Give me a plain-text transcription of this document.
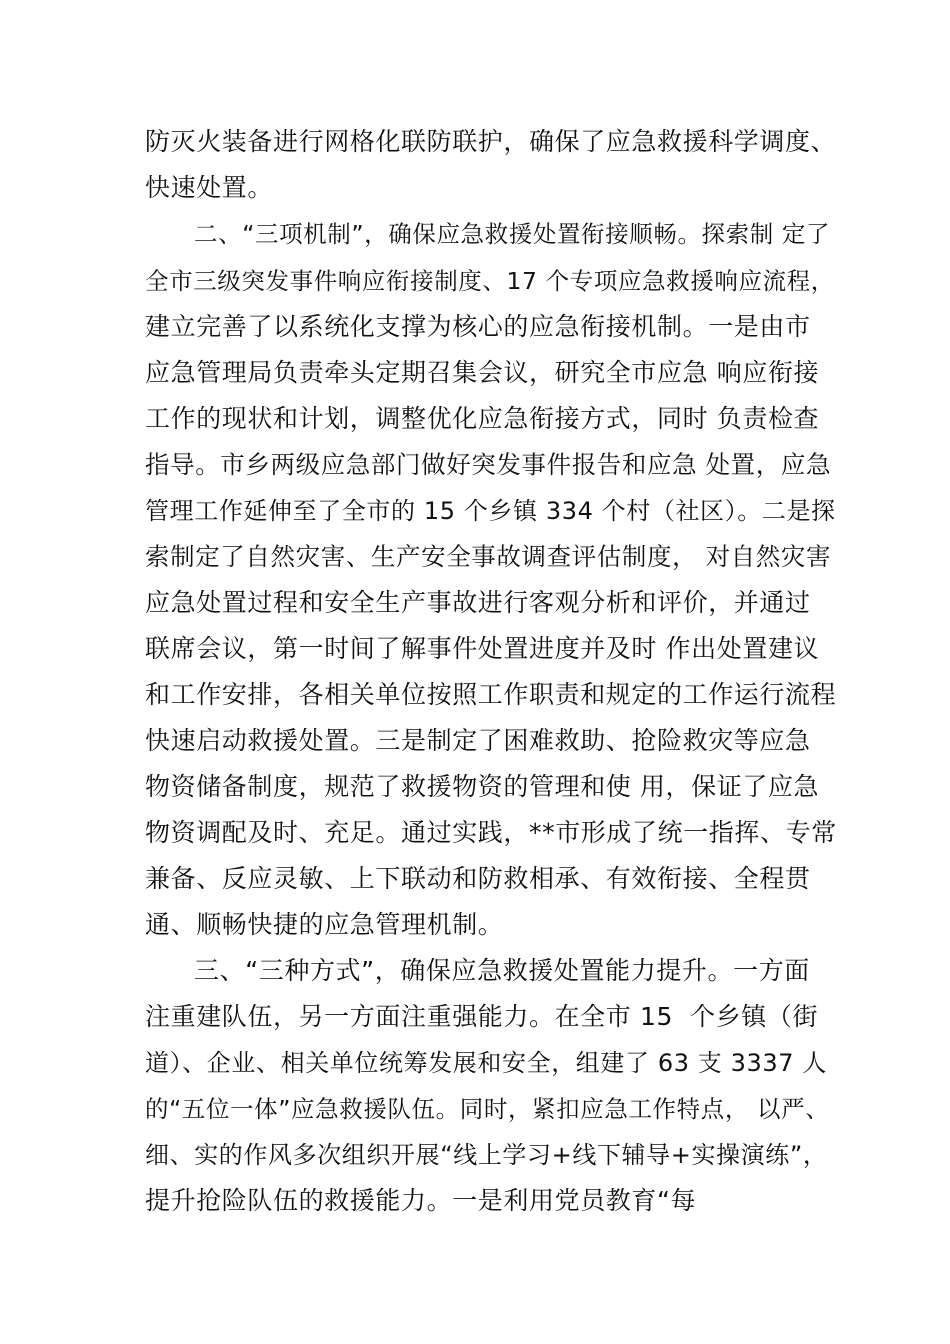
防灭火装备进行网格化联防联护，确保了应急救援科学调度、
快速处置。
二、“三项机制”，确保应急救援处置衔接顺畅。探索制 定了
全市三级突发事件响应衔接制度、17 个专项应急救援响应流程，
建立完善了以系统化支撑为核心的应急衔接机制。一是由市
应急管理局负责牵头定期召集会议，研究全市应急 响应衔接
工作的现状和计划，调整优化应急衔接方式，同时 负责检查
指导。市乡两级应急部门做好突发事件报告和应急 处置，应急
管理工作延伸至了全市的 15 个乡镇 334 个村（社区）。二是探
索制定了自然灾害、生产安全事故调查评估制度， 对自然灾害
应急处置过程和安全生产事故进行客观分析和评价，并通过
联席会议，第一时间了解事件处置进度并及时 作出处置建议
和工作安排，各相关单位按照工作职责和规定的工作运行流程
快速启动救援处置。三是制定了困难救助、抢险救灾等应急
物资储备制度，规范了救援物资的管理和使 用，保证了应急
物资调配及时、充足。通过实践，**市形成了统一指挥、专常
兼备、反应灵敏、上下联动和防救相承、有效衔接、全程贯
通、顺畅快捷的应急管理机制。
三、“三种方式”，确保应急救援处置能力提升。一方面
注重建队伍，另一方面注重强能力。在全市 15  个乡镇（街
道）、企业、相关单位统筹发展和安全，组建了 63 支 3337 人
的“五位一体”应急救援队伍。同时，紧扣应急工作特点， 以严、
细、实的作风多次组织开展“线上学习+线下辅导+实操演练”，
提升抢险队伍的救援能力。一是利用党员教育“每
